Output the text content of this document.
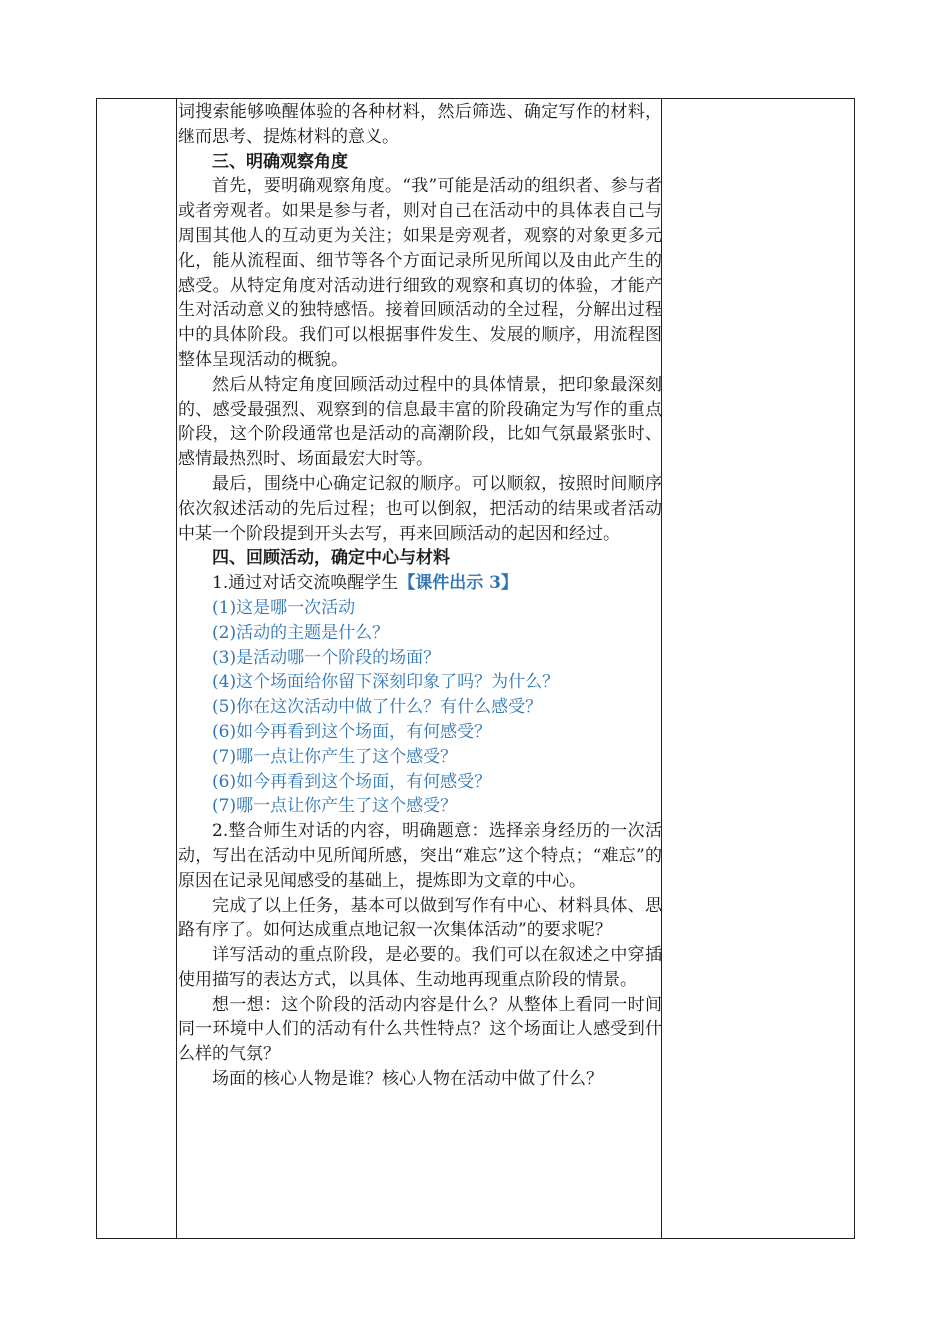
词搜索能够唤醒体验的各种材料，然后筛选、确定写作的材料，继而思考、提炼材料的意义。

三、明确观察角度

首先，要明确观察角度。“我”可能是活动的组织者、参与者或者旁观者。如果是参与者，则对自己在活动中的具体表自己与周围其他人的互动更为关注；如果是旁观者，观察的对象更多元化，能从流程面、细节等各个方面记录所见所闻以及由此产生的感受。从特定角度对活动进行细致的观察和真切的体验，才能产生对活动意义的独特感悟。接着回顾活动的全过程，分解出过程中的具体阶段。我们可以根据事件发生、发展的顺序，用流程图整体呈现活动的概貌。

然后从特定角度回顾活动过程中的具体情景，把印象最深刻的、感受最强烈、观察到的信息最丰富的阶段确定为写作的重点阶段，这个阶段通常也是活动的高潮阶段，比如气氛最紧张时、感情最热烈时、场面最宏大时等。

最后，围绕中心确定记叙的顺序。可以顺叙，按照时间顺序依次叙述活动的先后过程；也可以倒叙，把活动的结果或者活动中某一个阶段提到开头去写，再来回顾活动的起因和经过。

四、回顾活动，确定中心与材料

1.通过对话交流唤醒学生【课件出示 3】

(1)这是哪一次活动

(2)活动的主题是什么？

(3)是活动哪一个阶段的场面？

(4)这个场面给你留下深刻印象了吗？为什么？

(5)你在这次活动中做了什么？有什么感受？

(6)如今再看到这个场面，有何感受？

(7)哪一点让你产生了这个感受？

(6)如今再看到这个场面，有何感受？

(7)哪一点让你产生了这个感受？

2.整合师生对话的内容，明确题意：选择亲身经历的一次活动，写出在活动中见所闻所感，突出“难忘”这个特点；“难忘”的原因在记录见闻感受的基础上，提炼即为文章的中心。

完成了以上任务，基本可以做到写作有中心、材料具体、思路有序了。如何达成重点地记叙一次集体活动”的要求呢？

详写活动的重点阶段，是必要的。我们可以在叙述之中穿插使用描写的表达方式，以具体、生动地再现重点阶段的情景。

想一想：这个阶段的活动内容是什么？从整体上看同一时间同一环境中人们的活动有什么共性特点？这个场面让人感受到什么样的气氛？

场面的核心人物是谁？核心人物在活动中做了什么？
